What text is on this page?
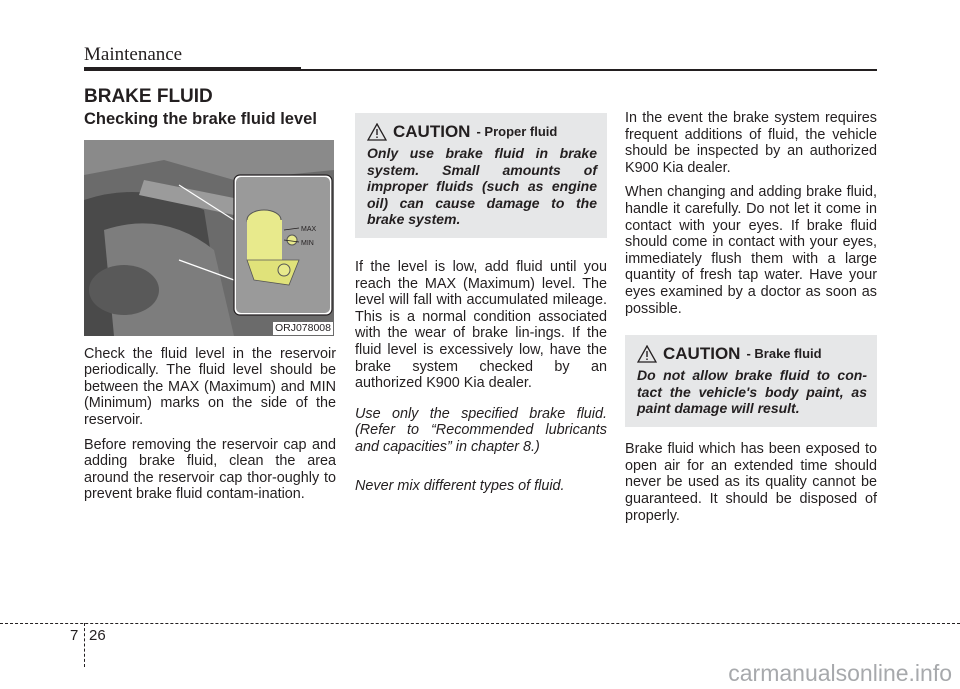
Maintenance
BRAKE FLUID
Checking the brake fluid level
MAX
MIN
ORJ078008

Check the fluid level in the reservoir periodically. The fluid level should be between the MAX (Maximum) and MIN (Minimum) marks on the side of the reservoir.

Before removing the reservoir cap and adding brake fluid, clean the area around the reservoir cap thor-oughly to prevent brake fluid contam-ination.

CAUTION - Proper fluid
Only use brake fluid in brake system. Small amounts of improper fluids (such as engine oil) can cause damage to the brake system.

If the level is low, add fluid until you reach the MAX (Maximum) level. The level will fall with accumulated mileage. This is a normal condition associated with the wear of brake lin-ings. If the fluid level is excessively low, have the brake system checked by an authorized K900 Kia dealer.

Use only the specified brake fluid. (Refer to “Recommended lubricants and capacities” in chapter 8.)

Never mix different types of fluid.

In the event the brake system requires frequent additions of fluid, the vehicle should be inspected by an authorized K900 Kia dealer.

When changing and adding brake fluid, handle it carefully. Do not let it come in contact with your eyes. If brake fluid should come in contact with your eyes, immediately flush them with a large quantity of fresh tap water. Have your eyes examined by a doctor as soon as possible.

CAUTION - Brake fluid
Do not allow brake fluid to con-tact the vehicle's body paint, as paint damage will result.

Brake fluid which has been exposed to open air for an extended time should never be used as its quality cannot be guaranteed. It should be disposed of properly.

7 26
carmanualsonline.info
